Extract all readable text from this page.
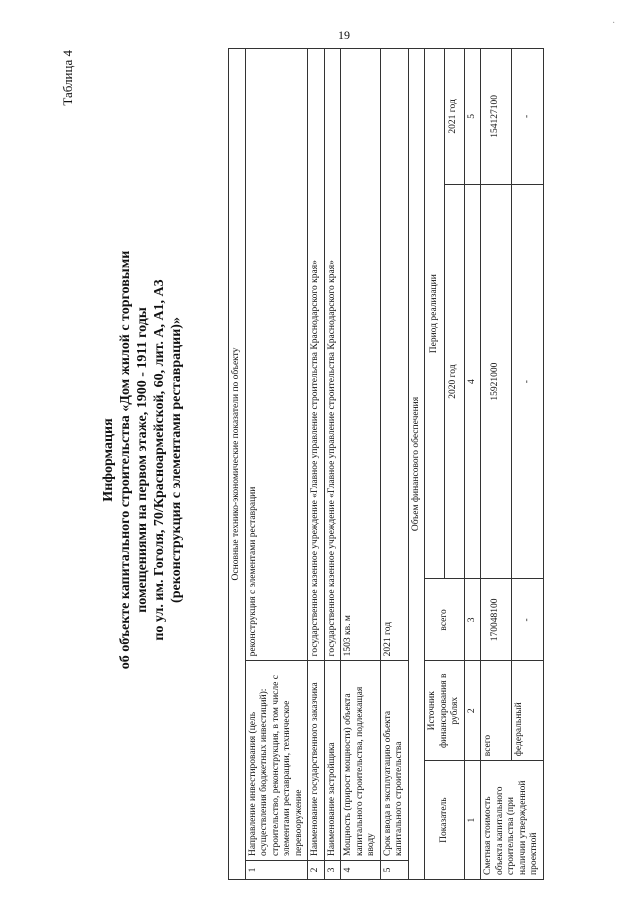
·
19
Таблица 4
Информация об объекте капитального строительства «Дом жилой с торговыми помещениями на первом этаже, 1900 - 1911 годы по ул. им. Гоголя, 70/Красноармейской, 60, лит. А, А1, А3 (реконструкция с элементами реставрации)»	Основные технико-экономические показатели по объекту					
1	Направление инвестирования (цель осуществления бюджетных инвестиций): строительство, реконструкция, в том числе с элементами реставрации, техническое перевооружение		реконструкция с элементами реставрации		
2	Наименование государственного заказчика		государственное казенное учреждение «Главное управление строительства Краснодарского края»		
3	Наименование застройщика		государственное казенное учреждение «Главное управление строительства Краснодарского края»		
4	Мощность (прирост мощности) объекта капитального строительства, подлежащая вводу		1503 кв. м		
5	Срок ввода в эксплуатацию объекта капитального строительства		2021 год		
Объем финансового обеспечения					
Показатель		Источник финансирования в рублях	всего	Период реализации	
				2020 год	2021 год
1		2	3	4	5
Сметная стоимость объекта капитального строительства (при наличии утвержденной проектной		всего	170048100	15921000	154127100
		федеральный	-	-	-
